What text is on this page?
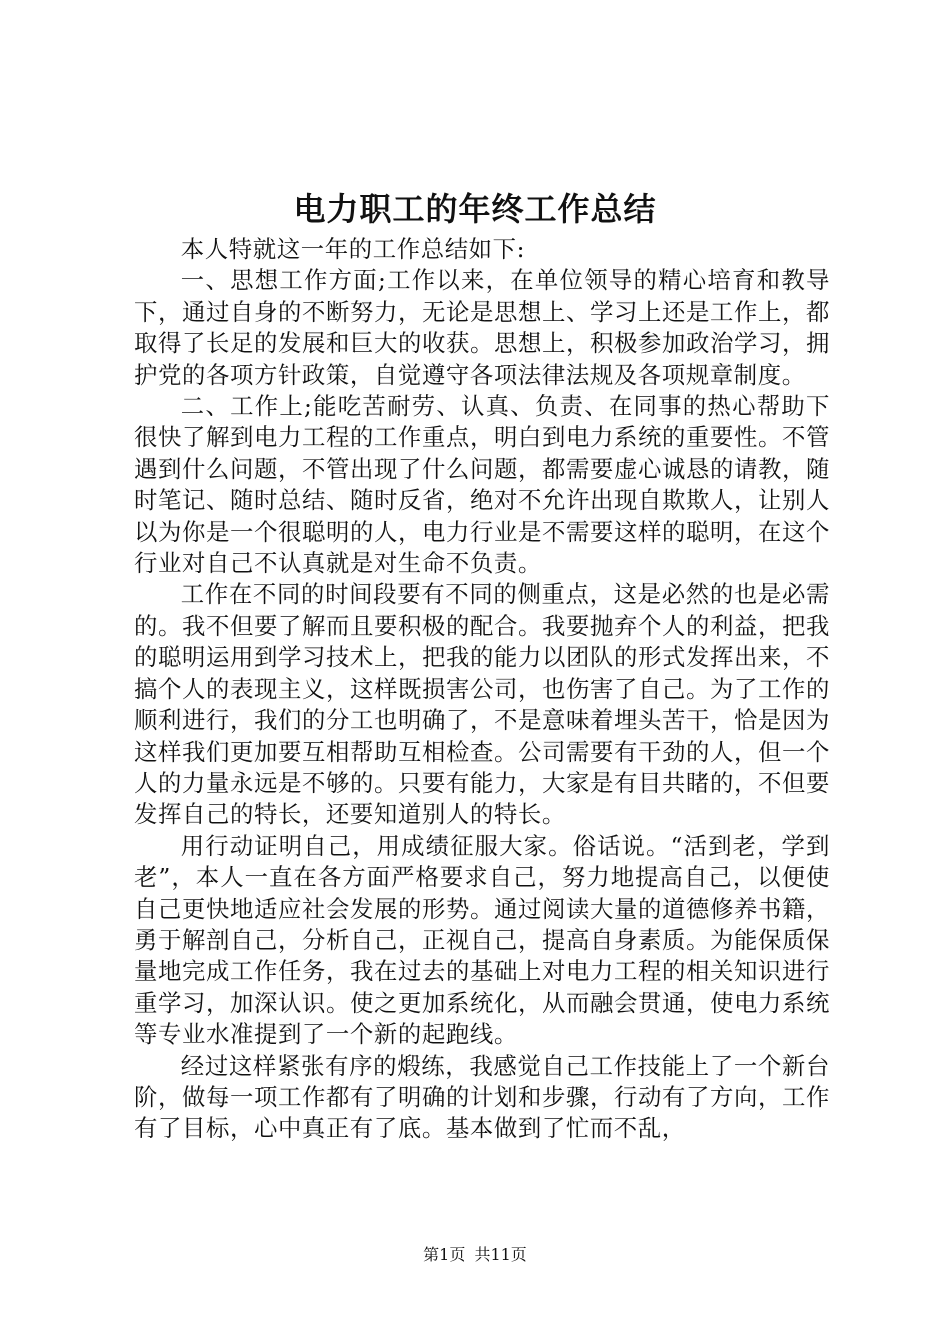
电力职工的年终工作总结

本人特就这一年的工作总结如下:

一、思想工作方面;工作以来，在单位领导的精心培育和教导下，通过自身的不断努力，无论是思想上、学习上还是工作上，都取得了长足的发展和巨大的收获。思想上，积极参加政治学习，拥护党的各项方针政策，自觉遵守各项法律法规及各项规章制度。

二、工作上;能吃苦耐劳、认真、负责、在同事的热心帮助下很快了解到电力工程的工作重点，明白到电力系统的重要性。不管遇到什么问题，不管出现了什么问题，都需要虚心诚恳的请教，随时笔记、随时总结、随时反省，绝对不允许出现自欺欺人，让别人以为你是一个很聪明的人，电力行业是不需要这样的聪明，在这个行业对自己不认真就是对生命不负责。

工作在不同的时间段要有不同的侧重点，这是必然的也是必需的。我不但要了解而且要积极的配合。我要抛弃个人的利益，把我的聪明运用到学习技术上，把我的能力以团队的形式发挥出来，不搞个人的表现主义，这样既损害公司，也伤害了自己。为了工作的顺利进行，我们的分工也明确了，不是意味着埋头苦干，恰是因为这样我们更加要互相帮助互相检查。公司需要有干劲的人，但一个人的力量永远是不够的。只要有能力，大家是有目共睹的，不但要发挥自己的特长，还要知道别人的特长。

用行动证明自己，用成绩征服大家。俗话说。“活到老，学到老”，本人一直在各方面严格要求自己，努力地提高自己，以便使自己更快地适应社会发展的形势。通过阅读大量的道德修养书籍，勇于解剖自己，分析自己，正视自己，提高自身素质。为能保质保量地完成工作任务，我在过去的基础上对电力工程的相关知识进行重学习，加深认识。使之更加系统化，从而融会贯通，使电力系统等专业水准提到了一个新的起跑线。

经过这样紧张有序的煅练，我感觉自己工作技能上了一个新台阶，做每一项工作都有了明确的计划和步骤，行动有了方向，工作有了目标，心中真正有了底。基本做到了忙而不乱，

第1页 共11页
